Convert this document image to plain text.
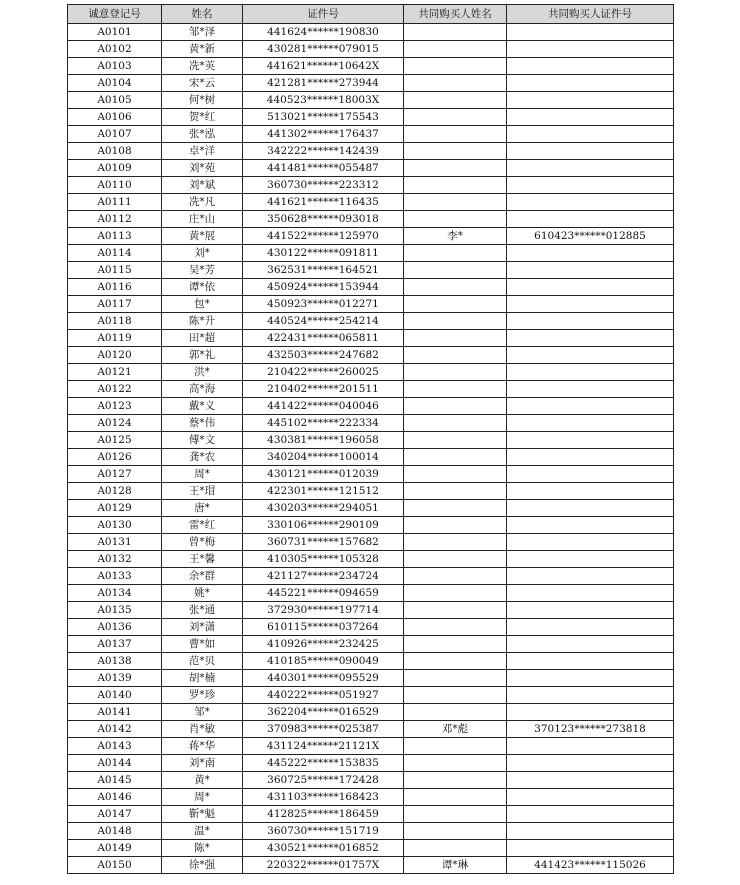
诚意登记号	姓名	证件号	共同购买人姓名	共同购买人证件号
A0101	邹*泽	441624******190830		
A0102	黄*新	430281******079015		
A0103	冼*英	441621******10642X		
A0104	宋*云	421281******273944		
A0105	何*树	440523******18003X		
A0106	贺*红	513021******175543		
A0107	张*泓	441302******176437		
A0108	卓*洋	342222******142439		
A0109	刘*苑	441481******055487		
A0110	刘*斌	360730******223312		
A0111	冼*凡	441621******116435		
A0112	庄*山	350628******093018		
A0113	黄*展	441522******125970	李*	610423******012885
A0114	刘*	430122******091811		
A0115	吴*芳	362531******164521		
A0116	谭*依	450924******153944		
A0117	包*	450923******012271		
A0118	陈*升	440524******254214		
A0119	田*超	422431******065811		
A0120	郭*礼	432503******247682		
A0121	洪*	210422******260025		
A0122	高*海	210402******201511		
A0123	戴*义	441422******040046		
A0124	蔡*伟	445102******222334		
A0125	傅*文	430381******196058		
A0126	龚*农	340204******100014		
A0127	周*	430121******012039		
A0128	王*瑁	422301******121512		
A0129	唐*	430203******294051		
A0130	雷*红	330106******290109		
A0131	曾*梅	360731******157682		
A0132	王*馨	410305******105328		
A0133	余*群	421127******234724		
A0134	姚*	445221******094659		
A0135	张*通	372930******197714		
A0136	刘*潇	610115******037264		
A0137	曹*如	410926******232425		
A0138	范*贝	410185******090049		
A0139	胡*楠	440301******095529		
A0140	罗*珍	440222******051927		
A0141	邹*	362204******016529		
A0142	肖*敏	370983******025387	邓*彪	370123******273818
A0143	蒋*华	431124******21121X		
A0144	刘*南	445222******153835		
A0145	黄*	360725******172428		
A0146	周*	431103******168423		
A0147	靳*魁	412825******186459		
A0148	温*	360730******151719		
A0149	陈*	430521******016852		
A0150	徐*强	220322******01757X	谭*琳	441423******115026
